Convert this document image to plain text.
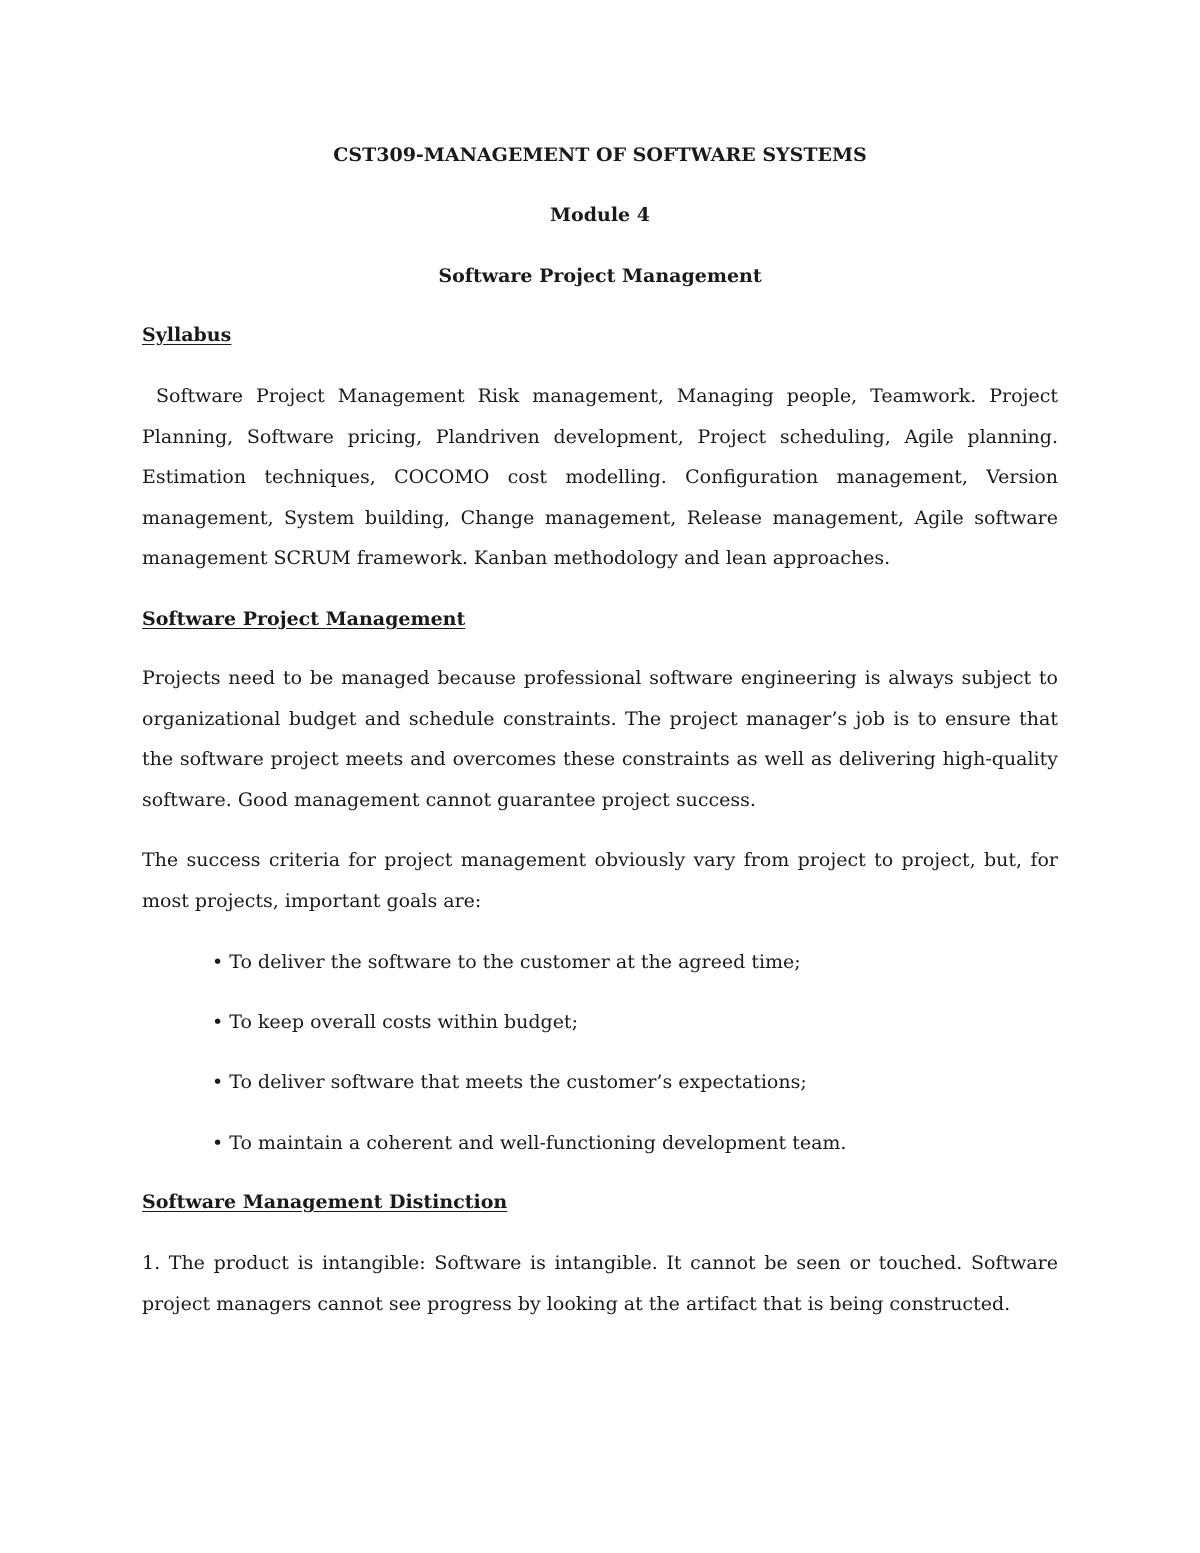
CST309-MANAGEMENT OF SOFTWARE SYSTEMS
Module 4
Software Project Management
Syllabus

Software Project Management Risk management, Managing people, Teamwork. Project Planning, Software pricing, Plandriven development, Project scheduling, Agile planning. Estimation techniques, COCOMO cost modelling. Configuration management, Version management, System building, Change management, Release management, Agile software management SCRUM framework. Kanban methodology and lean approaches.

Software Project Management

Projects need to be managed because professional software engineering is always subject to organizational budget and schedule constraints. The project manager’s job is to ensure that the software project meets and overcomes these constraints as well as delivering high-quality software. Good management cannot guarantee project success.

The success criteria for project management obviously vary from project to project, but, for most projects, important goals are:

• To deliver the software to the customer at the agreed time;

• To keep overall costs within budget;

• To deliver software that meets the customer’s expectations;

• To maintain a coherent and well-functioning development team.

Software Management Distinction

1. The product is intangible: Software is intangible. It cannot be seen or touched. Software project managers cannot see progress by looking at the artifact that is being constructed.
